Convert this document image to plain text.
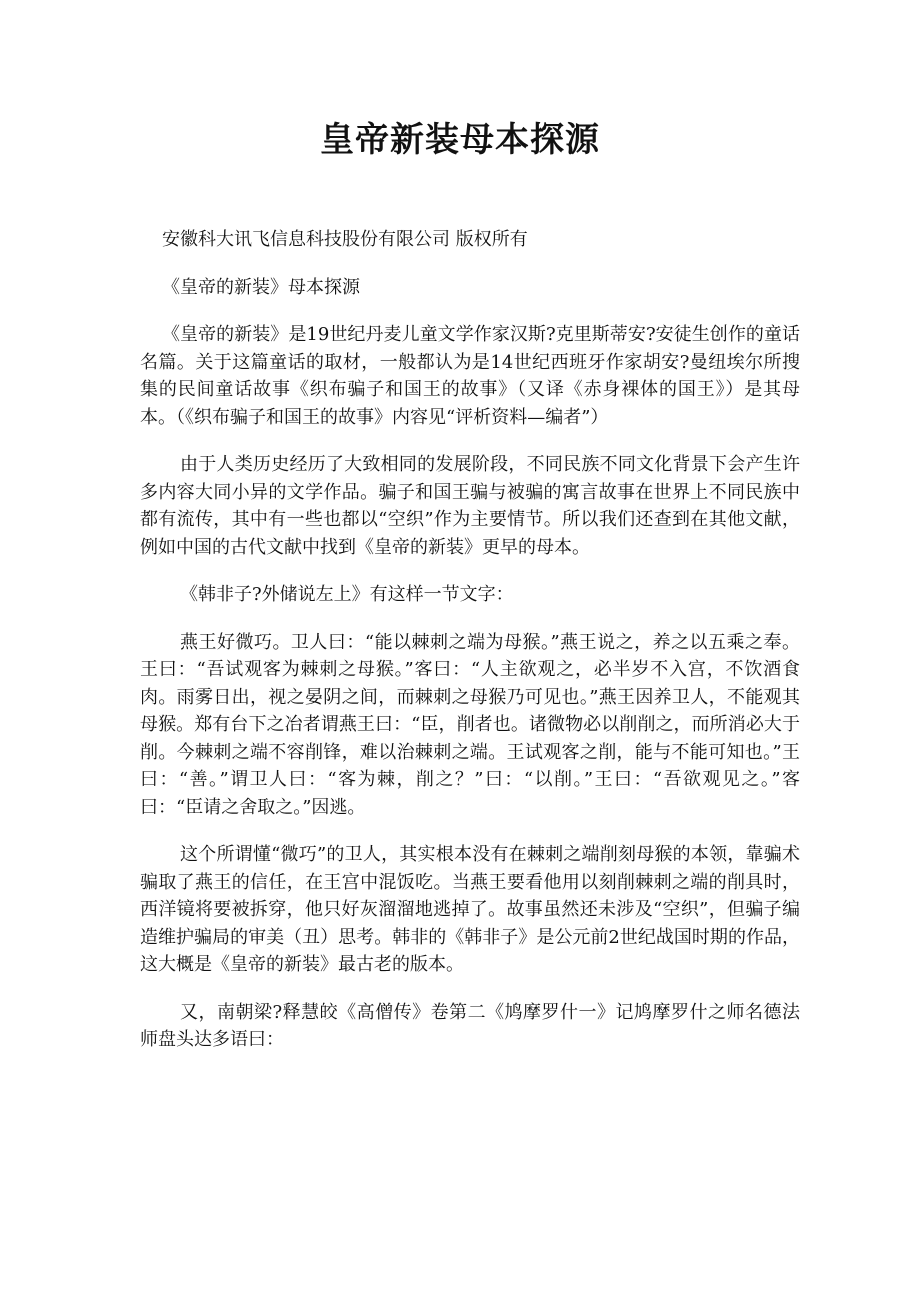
皇帝新装母本探源

安徽科大讯飞信息科技股份有限公司 版权所有

《皇帝的新装》母本探源

《皇帝的新装》是19世纪丹麦儿童文学作家汉斯?克里斯蒂安?安徒生创作的童话名篇。关于这篇童话的取材，一般都认为是14世纪西班牙作家胡安?曼纽埃尔所搜集的民间童话故事《织布骗子和国王的故事》（又译《赤身裸体的国王》）是其母本。（《织布骗子和国王的故事》内容见“评析资料—编者”）

由于人类历史经历了大致相同的发展阶段，不同民族不同文化背景下会产生许多内容大同小异的文学作品。骗子和国王骗与被骗的寓言故事在世界上不同民族中都有流传，其中有一些也都以“空织”作为主要情节。所以我们还查到在其他文献，例如中国的古代文献中找到《皇帝的新装》更早的母本。

《韩非子?外储说左上》有这样一节文字：

燕王好微巧。卫人曰：“能以棘刺之端为母猴。”燕王说之，养之以五乘之奉。王曰：“吾试观客为棘刺之母猴。”客曰：“人主欲观之，必半岁不入宫，不饮酒食肉。雨雾日出，视之晏阴之间，而棘刺之母猴乃可见也。”燕王因养卫人，不能观其母猴。郑有台下之冶者谓燕王曰：“臣，削者也。诸微物必以削削之，而所消必大于削。今棘刺之端不容削锋，难以治棘刺之端。王试观客之削，能与不能可知也。”王曰：“善。”谓卫人曰：“客为棘，削之？”曰：“以削。”王曰：“吾欲观见之。”客曰：“臣请之舍取之。”因逃。

这个所谓懂“微巧”的卫人，其实根本没有在棘刺之端削刻母猴的本领，靠骗术骗取了燕王的信任，在王宫中混饭吃。当燕王要看他用以刻削棘刺之端的削具时，西洋镜将要被拆穿，他只好灰溜溜地逃掉了。故事虽然还未涉及“空织”，但骗子编造维护骗局的审美（丑）思考。韩非的《韩非子》是公元前2世纪战国时期的作品，这大概是《皇帝的新装》最古老的版本。

又，南朝梁?释慧皎《高僧传》卷第二《鸠摩罗什一》记鸠摩罗什之师名德法师盘头达多语曰：
